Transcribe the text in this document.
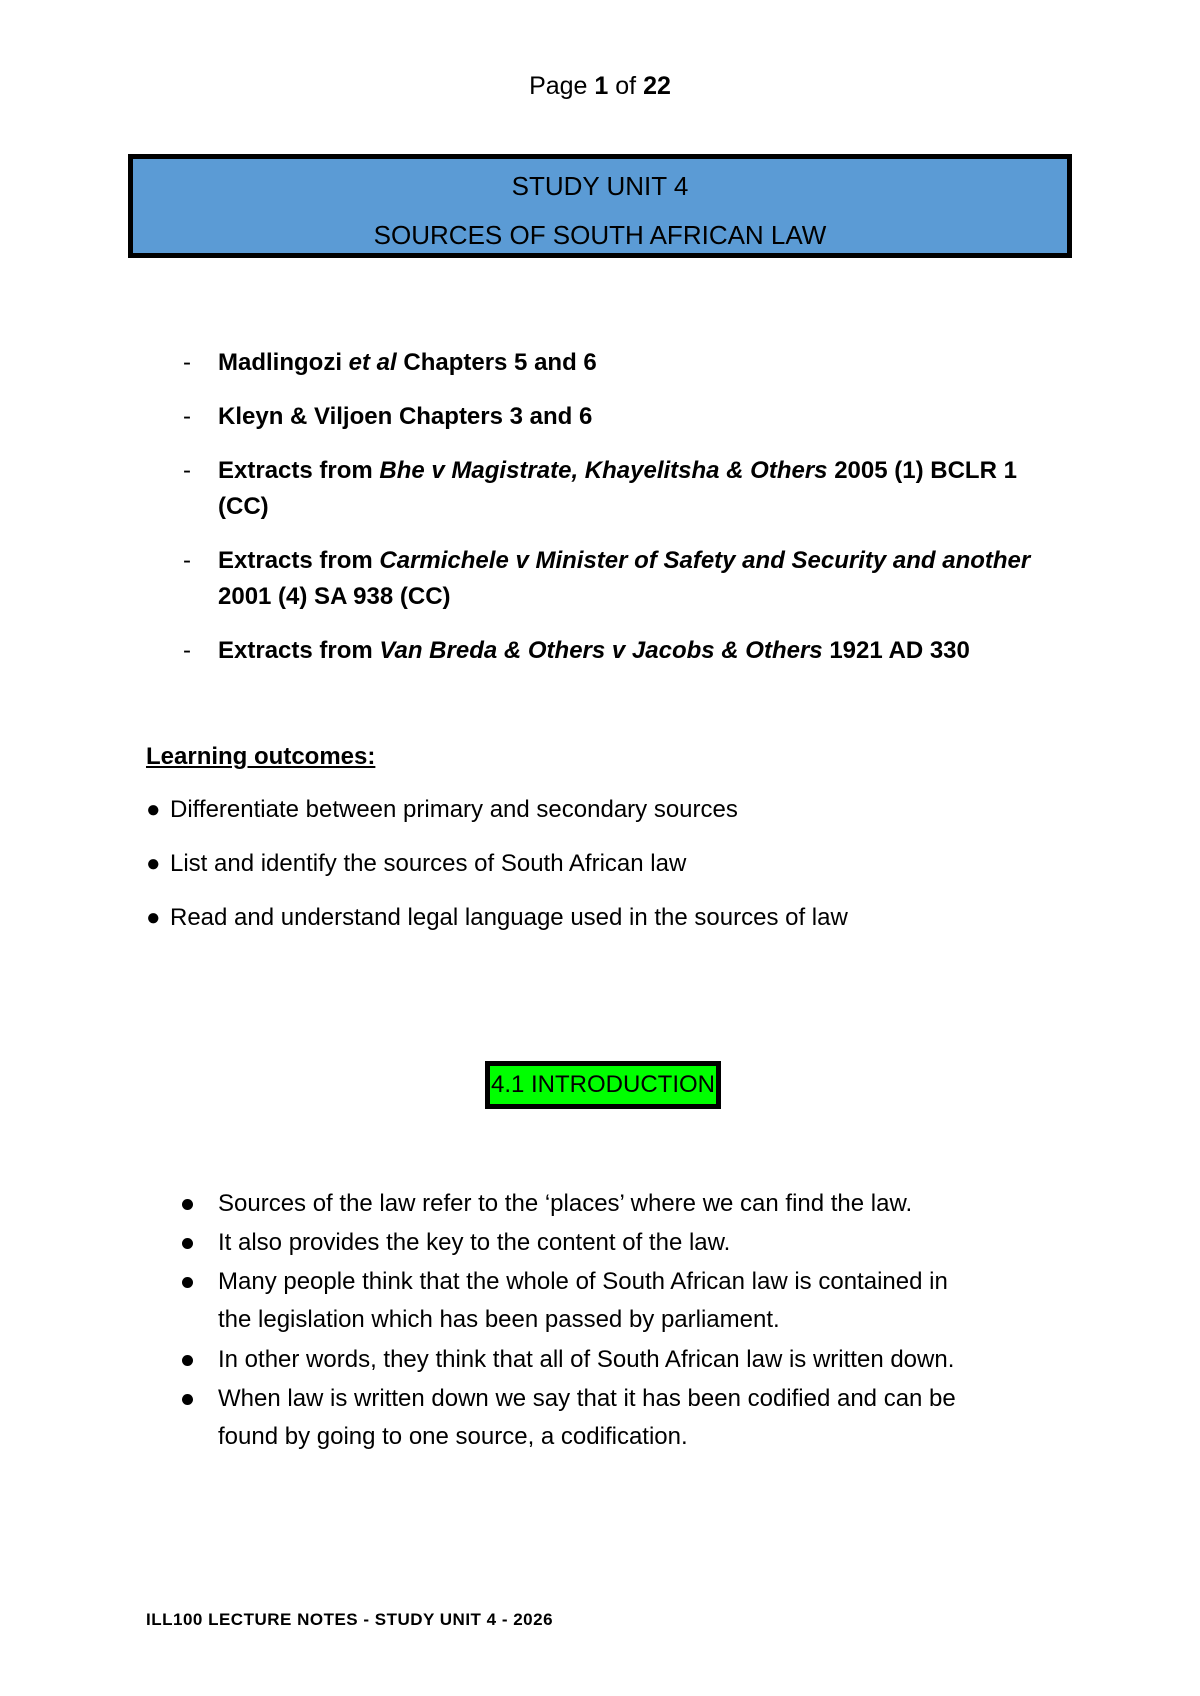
Page 1 of 22
STUDY UNIT 4
SOURCES OF SOUTH AFRICAN LAW
- Madlingozi et al Chapters 5 and 6
- Kleyn & Viljoen Chapters 3 and 6
- Extracts from Bhe v Magistrate, Khayelitsha & Others 2005 (1) BCLR 1
(CC)
- Extracts from Carmichele v Minister of Safety and Security and another
2001 (4) SA 938 (CC)
- Extracts from Van Breda & Others v Jacobs & Others 1921 AD 330
Learning outcomes:
● Differentiate between primary and secondary sources
● List and identify the sources of South African law
● Read and understand legal language used in the sources of law
4.1 INTRODUCTION
Sources of the law refer to the ‘places’ where we can find the law.
It also provides the key to the content of the law.
Many people think that the whole of South African law is contained in
the legislation which has been passed by parliament.
In other words, they think that all of South African law is written down.
When law is written down we say that it has been codified and can be
found by going to one source, a codification.
ILL100 LECTURE NOTES - STUDY UNIT 4 - 2026
